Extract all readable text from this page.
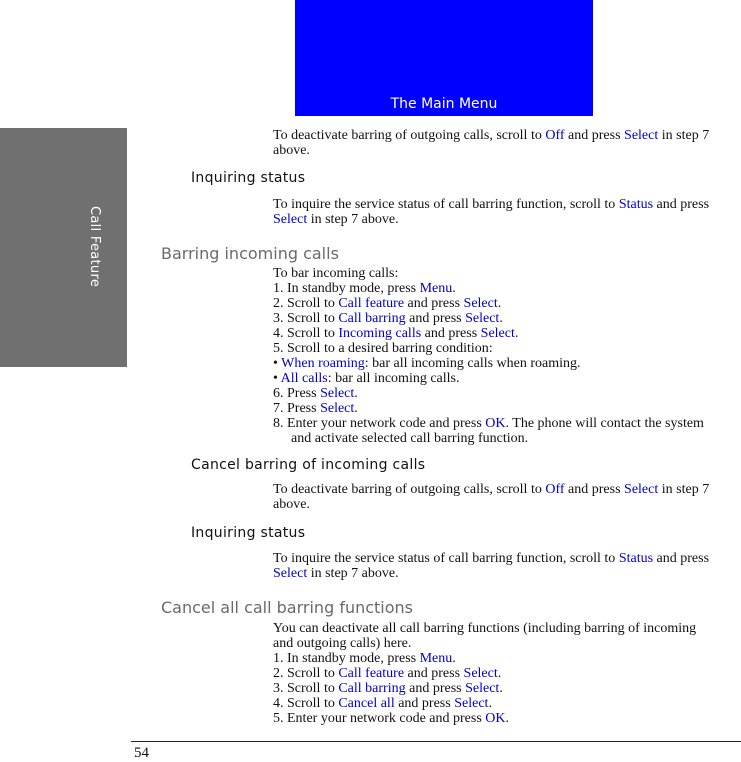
Call Feature
The Main Menu
To deactivate barring of outgoing calls, scroll to Off and press Select in step 7
above.
Inquiring status
To inquire the service status of call barring function, scroll to Status and press
Select in step 7 above.
Barring incoming calls
To bar incoming calls:
1. In standby mode, press Menu.
2. Scroll to Call feature and press Select.
3. Scroll to Call barring and press Select.
4. Scroll to Incoming calls and press Select.
5. Scroll to a desired barring condition:
• When roaming: bar all incoming calls when roaming.
• All calls: bar all incoming calls.
6. Press Select.
7. Press Select.
8. Enter your network code and press OK. The phone will contact the system
and activate selected call barring function.
Cancel barring of incoming calls
To deactivate barring of outgoing calls, scroll to Off and press Select in step 7
above.
Inquiring status
To inquire the service status of call barring function, scroll to Status and press
Select in step 7 above.
Cancel all call barring functions
You can deactivate all call barring functions (including barring of incoming
and outgoing calls) here.
1. In standby mode, press Menu.
2. Scroll to Call feature and press Select.
3. Scroll to Call barring and press Select.
4. Scroll to Cancel all and press Select.
5. Enter your network code and press OK.
54
